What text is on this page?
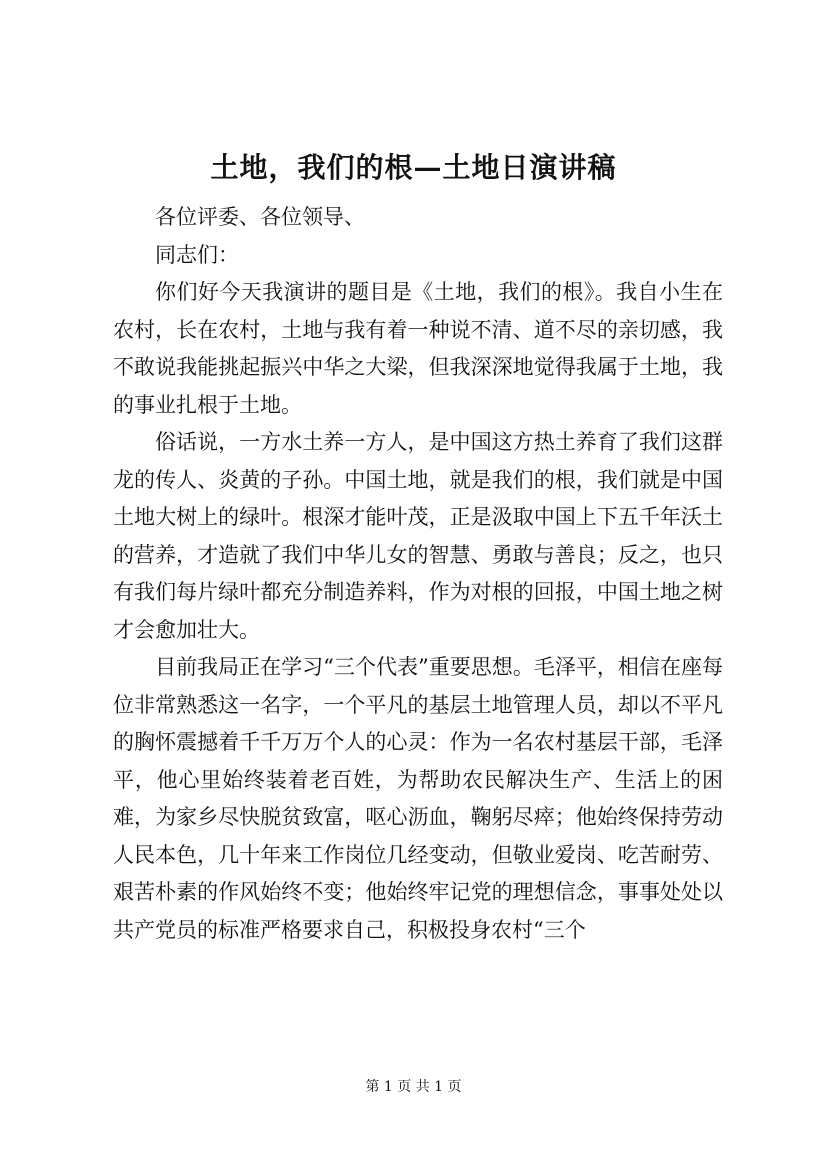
土地，我们的根—土地日演讲稿

各位评委、各位领导、

同志们：

你们好今天我演讲的题目是《土地，我们的根》。我自小生在农村，长在农村，土地与我有着一种说不清、道不尽的亲切感，我不敢说我能挑起振兴中华之大梁，但我深深地觉得我属于土地，我的事业扎根于土地。

俗话说，一方水土养一方人，是中国这方热土养育了我们这群龙的传人、炎黄的子孙。中国土地，就是我们的根，我们就是中国土地大树上的绿叶。根深才能叶茂，正是汲取中国上下五千年沃土的营养，才造就了我们中华儿女的智慧、勇敢与善良；反之，也只有我们每片绿叶都充分制造养料，作为对根的回报，中国土地之树才会愈加壮大。

目前我局正在学习“三个代表”重要思想。毛泽平，相信在座每位非常熟悉这一名字，一个平凡的基层土地管理人员，却以不平凡的胸怀震撼着千千万万个人的心灵：作为一名农村基层干部，毛泽平，他心里始终装着老百姓，为帮助农民解决生产、生活上的困难，为家乡尽快脱贫致富，呕心沥血，鞠躬尽瘁；他始终保持劳动人民本色，几十年来工作岗位几经变动，但敬业爱岗、吃苦耐劳、艰苦朴素的作风始终不变；他始终牢记党的理想信念，事事处处以共产党员的标准严格要求自己，积极投身农村“三个

第 1 页 共 1 页
